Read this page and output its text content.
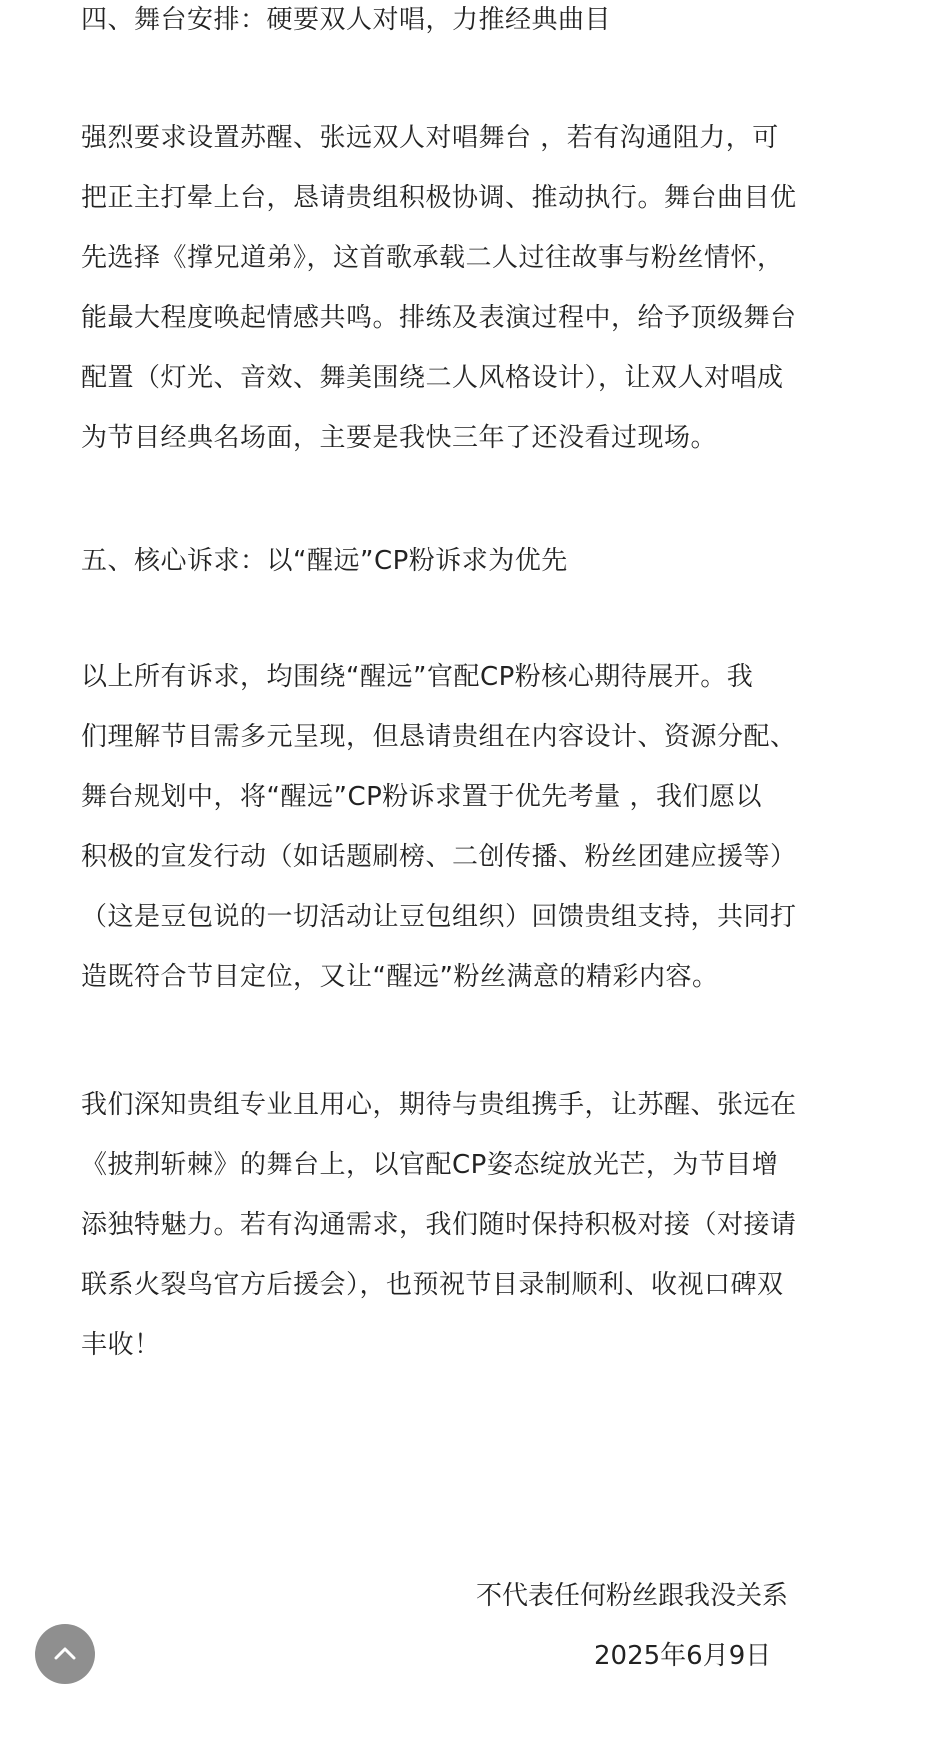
四、舞台安排：硬要双人对唱，力推经典曲目

强烈要求设置苏醒、张远双人对唱舞台 ，若有沟通阻力，可
把正主打晕上台，恳请贵组积极协调、推动执行。舞台曲目优
先选择《撑兄道弟》，这首歌承载二人过往故事与粉丝情怀，
能最大程度唤起情感共鸣。排练及表演过程中，给予顶级舞台
配置（灯光、音效、舞美围绕二人风格设计），让双人对唱成
为节目经典名场面，主要是我快三年了还没看过现场。

五、核心诉求：以“醒远”CP粉诉求为优先

以上所有诉求，均围绕“醒远”官配CP粉核心期待展开。我
们理解节目需多元呈现，但恳请贵组在内容设计、资源分配、
舞台规划中，将“醒远”CP粉诉求置于优先考量 ，我们愿以
积极的宣发行动（如话题刷榜、二创传播、粉丝团建应援等）
（这是豆包说的一切活动让豆包组织）回馈贵组支持，共同打
造既符合节目定位，又让“醒远”粉丝满意的精彩内容。

我们深知贵组专业且用心，期待与贵组携手，让苏醒、张远在
《披荆斩棘》的舞台上，以官配CP姿态绽放光芒，为节目增
添独特魅力。若有沟通需求，我们随时保持积极对接（对接请
联系火裂鸟官方后援会），也预祝节目录制顺利、收视口碑双
丰收！

不代表任何粉丝跟我没关系
2025年6月9日
